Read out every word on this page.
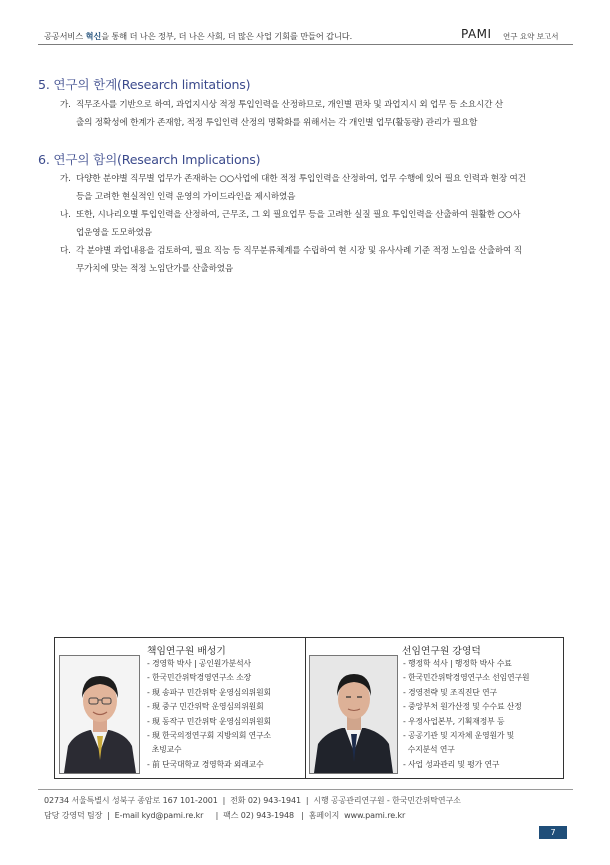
공공서비스 혁신을 통해 더 나은 정부, 더 나은 사회, 더 많은 사업 기회를 만들어 갑니다.	PAMI 연구 요약 보고서
5. 연구의 한계(Research limitations)
가. 직무조사를 기반으로 하여, 과업지시상 적정 투입인력을 산정하므로, 개인별 편차 및 과업지시 외 업무 등 소요시간 산
출의 정확성에 한계가 존재함, 적정 투입인력 산정의 명확화를 위해서는 각 개인별 업무(활동량) 관리가 필요함
6. 연구의 함의(Research Implications)
가. 다양한 분야별 직무별 업무가 존재하는 ○○사업에 대한 적정 투입인력을 산정하여, 업무 수행에 있어 필요 인력과 현장 여건
등을 고려한 현실적인 인력 운영의 가이드라인을 제시하였음
나. 또한, 시나리오별 투입인력을 산정하여, 근무조, 그 외 필요업무 등을 고려한 실질 필요 투입인력을 산출하여 원활한 ○○사
업운영을 도모하였음
다. 각 분야별 과업내용을 검토하여, 필요 직능 등 직무분류체계를 수립하여 현 시장 및 유사사례 기준 적정 노임을 산출하여 직
무가치에 맞는 적정 노임단가를 산출하였음
책임연구원 배성기
- 경영학 박사 | 공인원가분석사
- 한국민간위탁경영연구소 소장
- 現 송파구 민간위탁 운영심의위원회
- 現 중구 민간위탁 운영심의위원회
- 現 동작구 민간위탁 운영심의위원회
- 現 한국의정연구회 지방의회 연구소
초빙교수
- 前 단국대학교 경영학과 외래교수
선임연구원 강영덕
- 행정학 석사 | 행정학 박사 수료
- 한국민간위탁경영연구소 선임연구원
- 경영전략 및 조직진단 연구
- 중앙부처 원가산정 및 수수료 산정
- 우정사업본부, 기획재정부 등
- 공공기관 및 지자체 운영원가 및
수지분석 연구
- 사업 성과관리 및 평가 연구
02734 서울특별시 성북구 종암로 167 101-2001  |  전화 02) 943-1941  |  시행 공공관리연구원 - 한국민간위탁연구소
담당 강영덕 팀장  |  E-mail kyd@pami.re.kr     |  팩스 02) 943-1948   |  홈페이지  www.pami.re.kr
7
